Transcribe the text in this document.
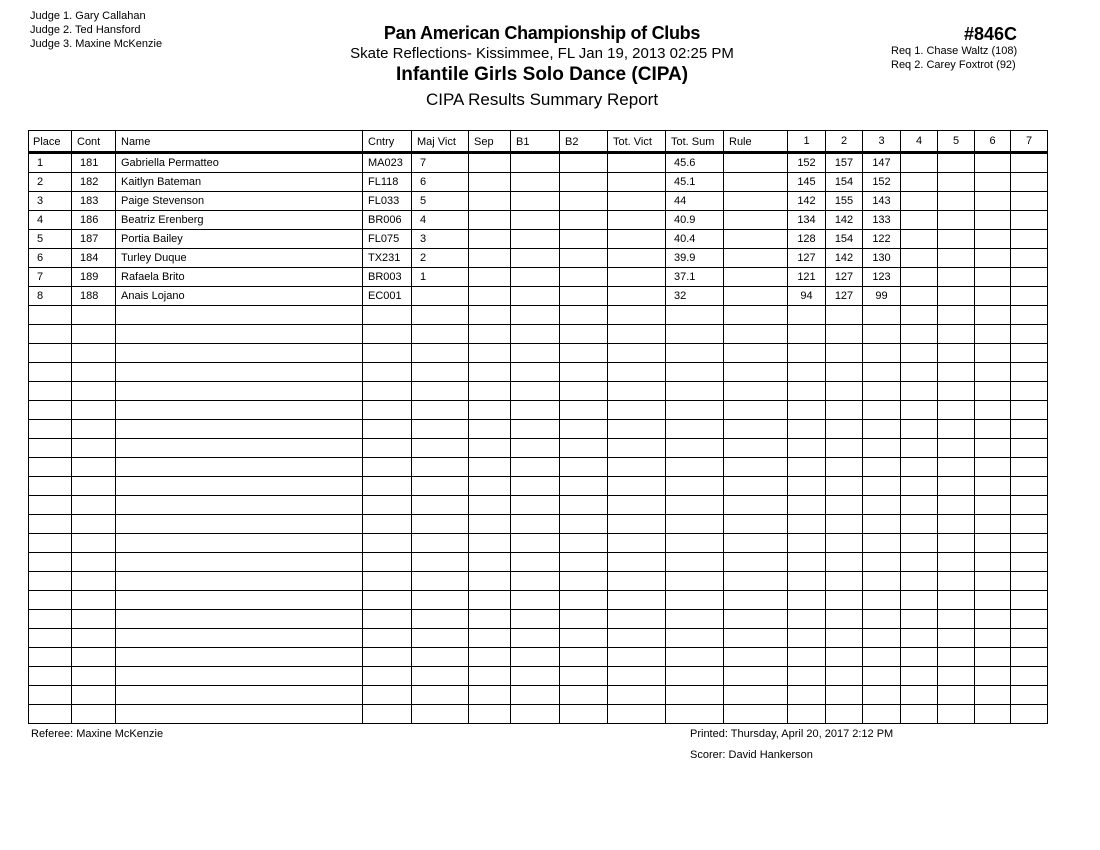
Judge 1. Gary Callahan
Judge 2. Ted Hansford
Judge 3. Maxine McKenzie
Pan American Championship of Clubs
Skate Reflections- Kissimmee, FL Jan 19, 2013 02:25 PM
Infantile Girls Solo Dance (CIPA)
CIPA Results Summary Report
#846C
Req 1. Chase Waltz (108)
Req 2. Carey Foxtrot (92)
Place	Cont	Name	Cntry	Maj Vict	Sep	B1	B2	Tot. Vict	Tot. Sum	Rule	1	2	3	4	5	6	7
1	181	Gabriella Permatteo	MA023	7					45.6		152	157	147				
2	182	Kaitlyn Bateman	FL118	6					45.1		145	154	152				
3	183	Paige Stevenson	FL033	5					44		142	155	143				
4	186	Beatriz Erenberg	BR006	4					40.9		134	142	133				
5	187	Portia Bailey	FL075	3					40.4		128	154	122				
6	184	Turley Duque	TX231	2					39.9		127	142	130				
7	189	Rafaela Brito	BR003	1					37.1		121	127	123				
8	188	Anais Lojano	EC001						32		94	127	99				

Referee: Maxine McKenzie	Printed: Thursday, April 20, 2017 2:12 PM
Scorer: David Hankerson
